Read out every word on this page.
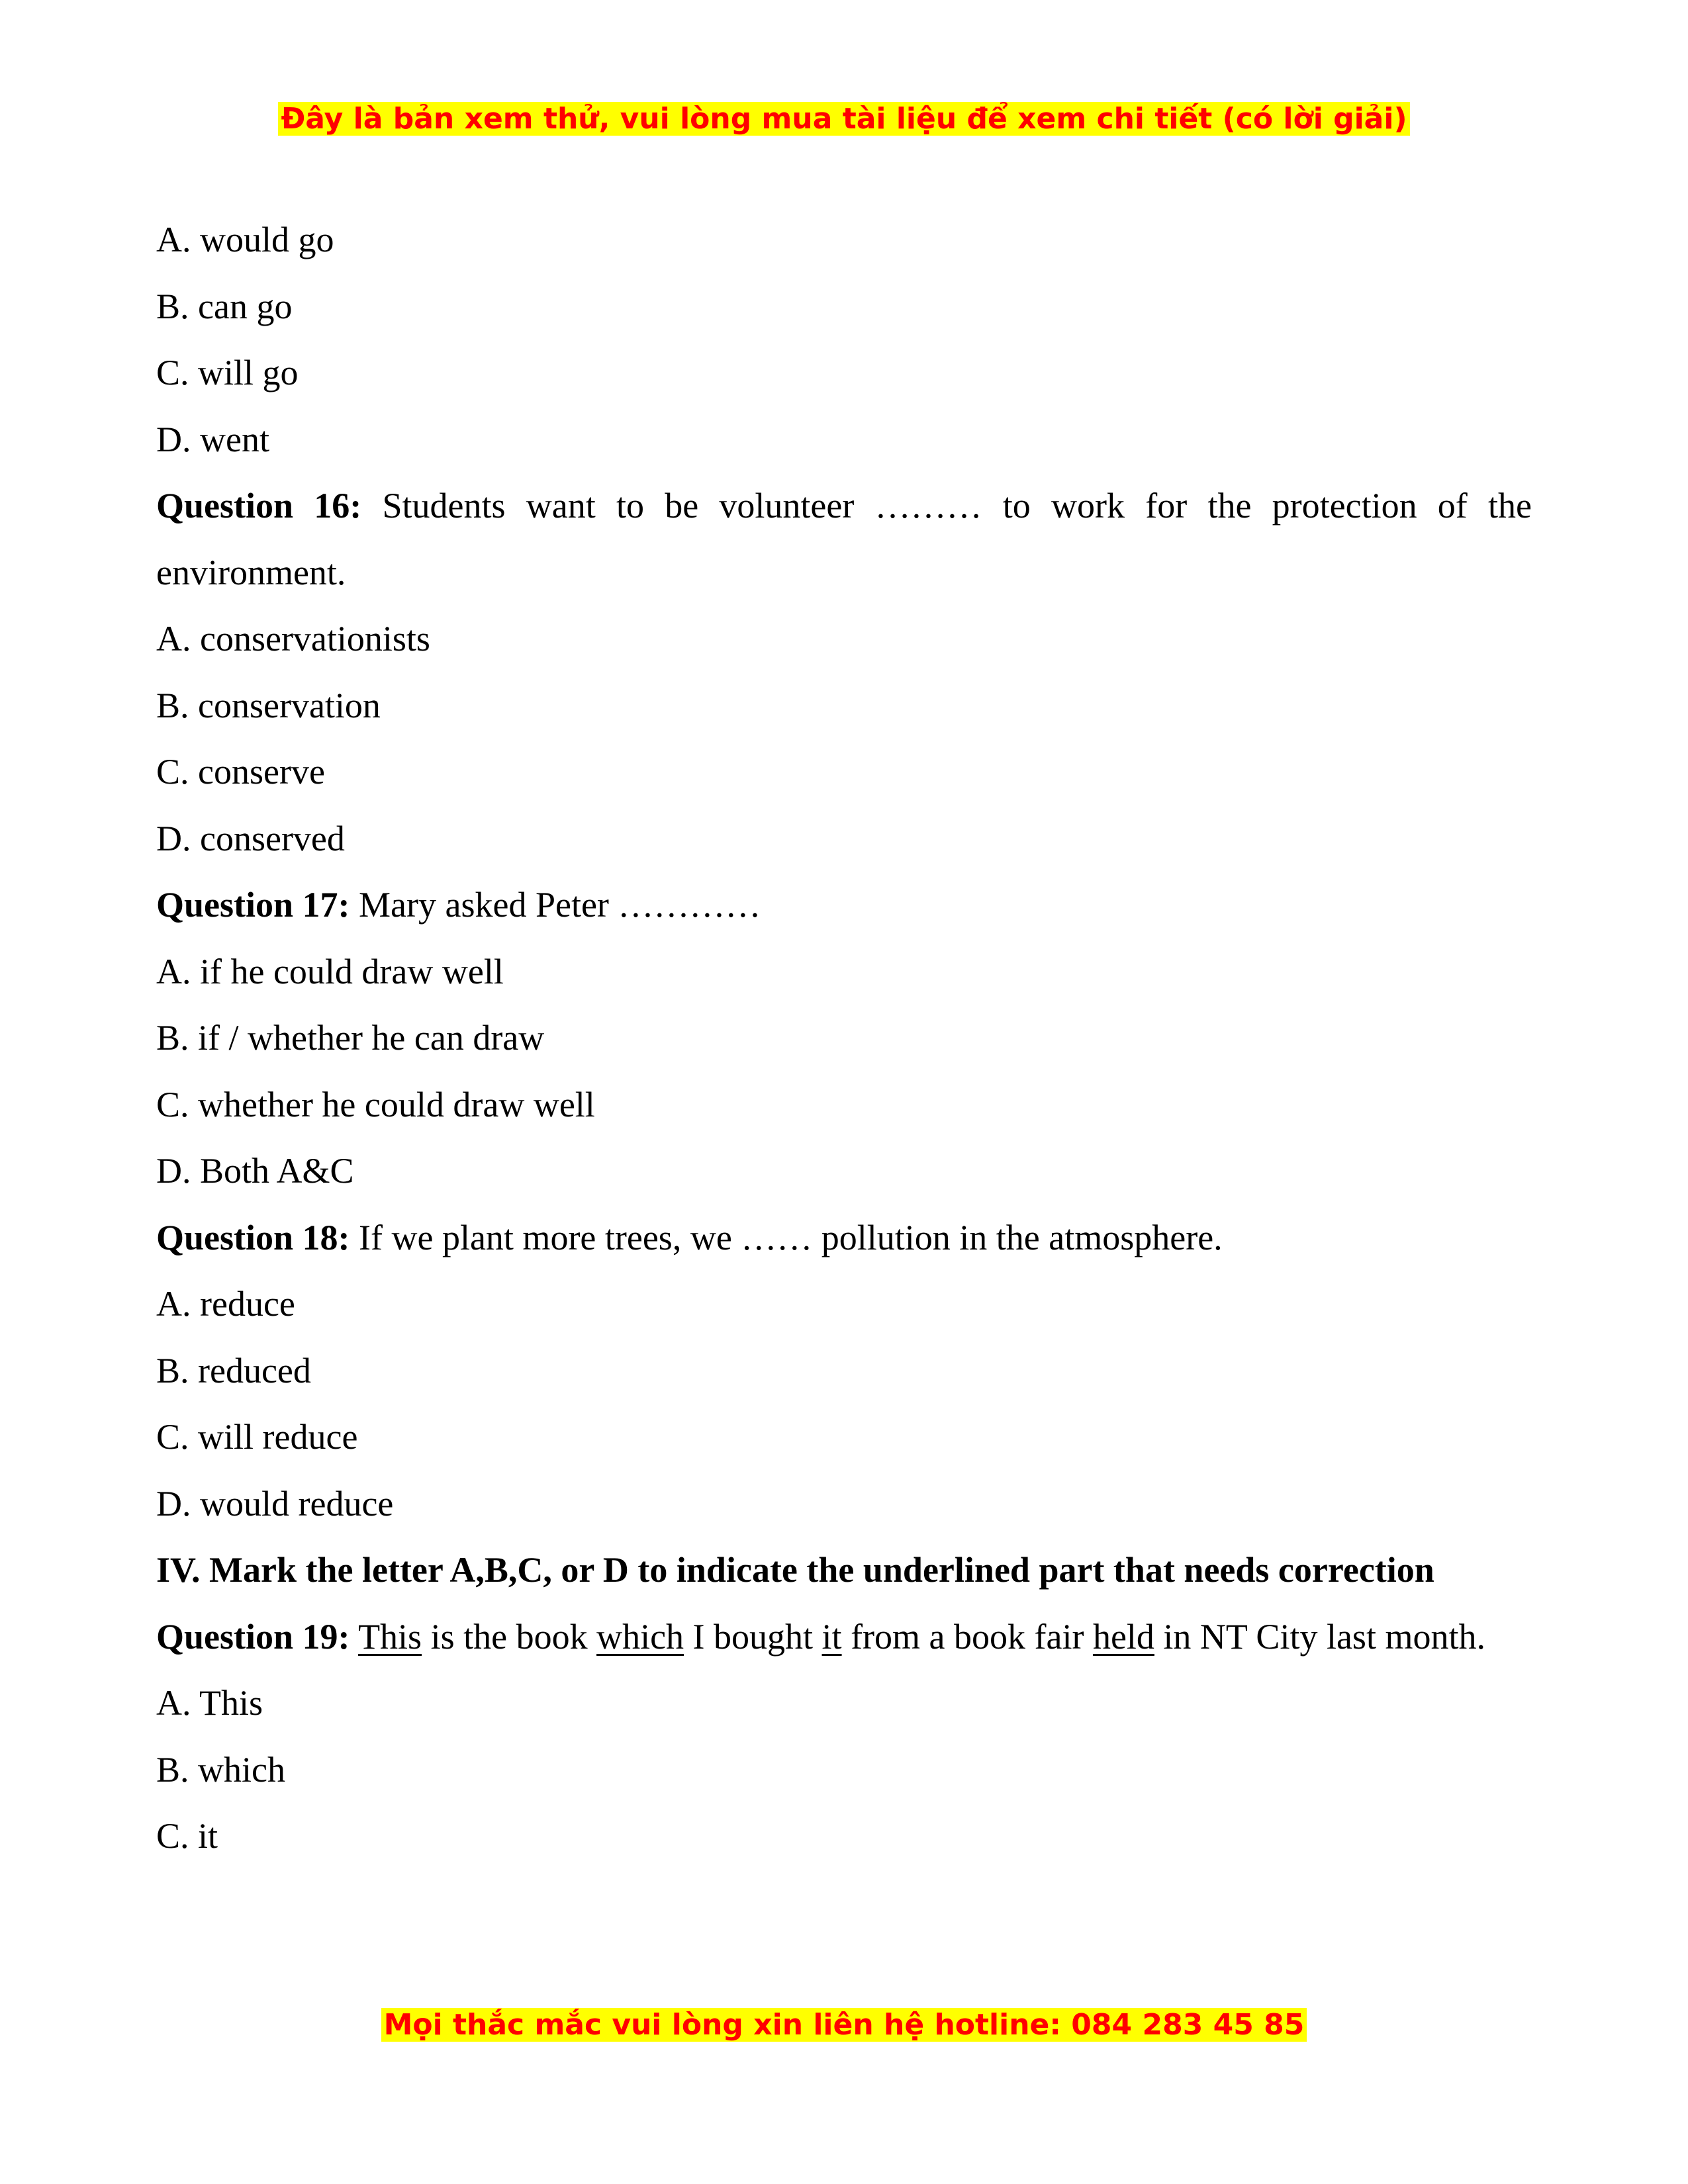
Đây là bản xem thử, vui lòng mua tài liệu để xem chi tiết (có lời giải)

A. would go

B. can go

C. will go

D. went

Question 16: Students want to be volunteer ……… to work for the protection of the environment.

A. conservationists

B. conservation

C. conserve

D. conserved

Question 17: Mary asked Peter …………

A. if he could draw well

B. if / whether he can draw

C. whether he could draw well

D. Both A&C

Question 18: If we plant more trees, we …… pollution in the atmosphere.

A. reduce

B. reduced

C. will reduce

D. would reduce

IV. Mark the letter A,B,C, or D to indicate the underlined part that needs correction

Question 19: This is the book which I bought it from a book fair held in NT City last month.

A. This

B. which

C. it

Mọi thắc mắc vui lòng xin liên hệ hotline: 084 283 45 85
